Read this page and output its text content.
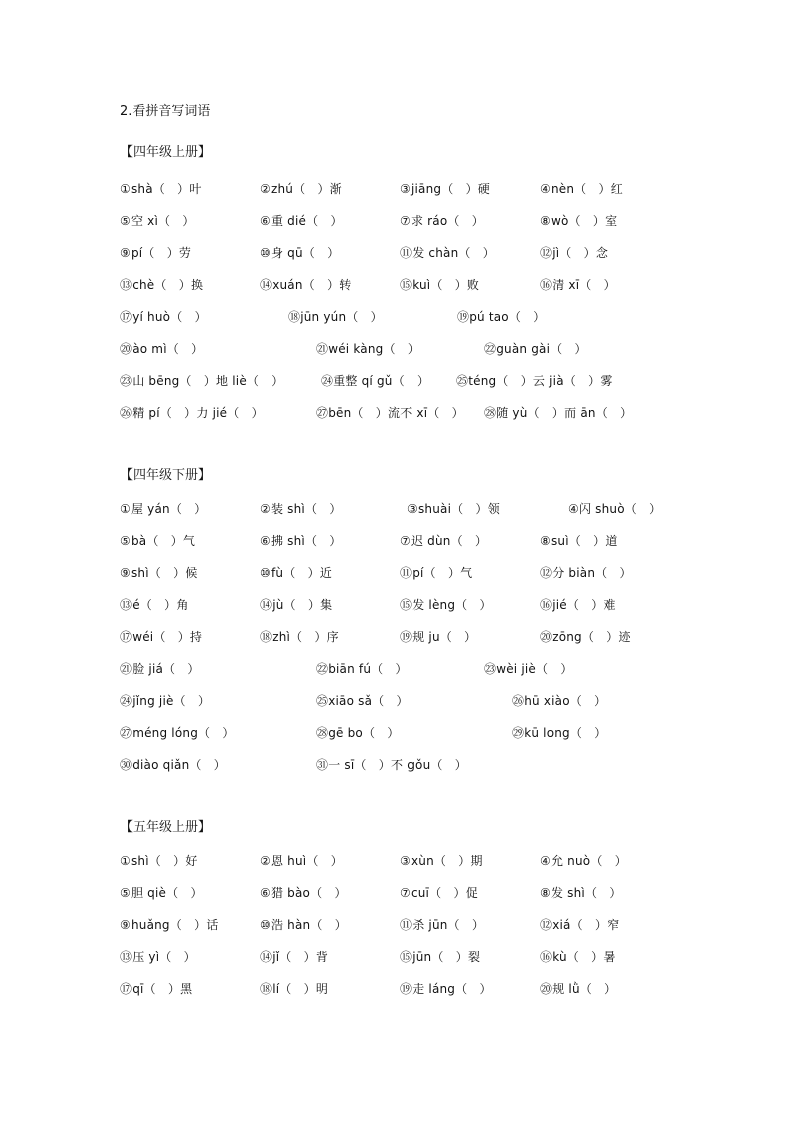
2.看拼音写词语
【四年级上册】
①shà（　）叶	②zhú（　）渐	③jiāng（　）硬	④nèn（　）红
⑤空 xì（　）	⑥重 dié（　）	⑦求 ráo（　）	⑧wò（　）室
⑨pí（　）劳	⑩身 qū（　）	⑪发 chàn（　）	⑫jì（　）念
⑬chè（　）换	⑭xuán（　）转	⑮kuì（　）败	⑯清 xī（　）
⑰yí huò（　）	⑱jūn yún（　）	⑲pú tao（　）
⑳ào mì（　）	㉑wéi kàng（　）	㉒guàn gài（　）
㉓山 bēng（　）地 liè（　）	㉔重整 qí gǔ（　） ㉕téng（　）云 jià（　）雾
㉖精 pí（　）力 jié（　）	㉗bēn（　）流不 xī（　） ㉘随 yù（　）而 ān（　）
【四年级下册】
①屋 yán（　）	②装 shì（　）	③shuài（　）领	④闪 shuò（　）
⑤bà（　）气	⑥拂 shì（　）	⑦迟 dùn（　）	⑧suì（　）道
⑨shì（　）候	⑩fù（　）近	⑪pí（　）气	⑫分 biàn（　）
⑬é（　）角	⑭jù（　）集	⑮发 lèng（　）	⑯jié（　）难
⑰wéi（　）持	⑱zhì（　）序	⑲规 ju（　）	⑳zōng（　）迹
㉑脸 jiá（　）	㉒biān fú（　）	㉓wèi jiè（　）
㉔jǐng jiè（　）	㉕xiāo sǎ（　）	㉖hū xiào（　）
㉗méng lóng（　）	㉘gē bo（　）	㉙kū long（　）
㉚diào qiǎn（　）	㉛一 sī（　）不 gǒu（　）
【五年级上册】
①shì（　）好	②恩 huì（　）	③xùn（　）期	④允 nuò（　）
⑤胆 qiè（　）	⑥猎 bào（　）	⑦cuī（　）促	⑧发 shì（　）
⑨huǎng（　）话	⑩浩 hàn（　）	⑪杀 jūn（　）	⑫xiá（　）窄
⑬压 yì（　）	⑭jǐ（　）背	⑮jūn（　）裂	⑯kù（　）暑
⑰qī（　）黑	⑱lí（　）明	⑲走 láng（　）	⑳规 lǜ（　）
